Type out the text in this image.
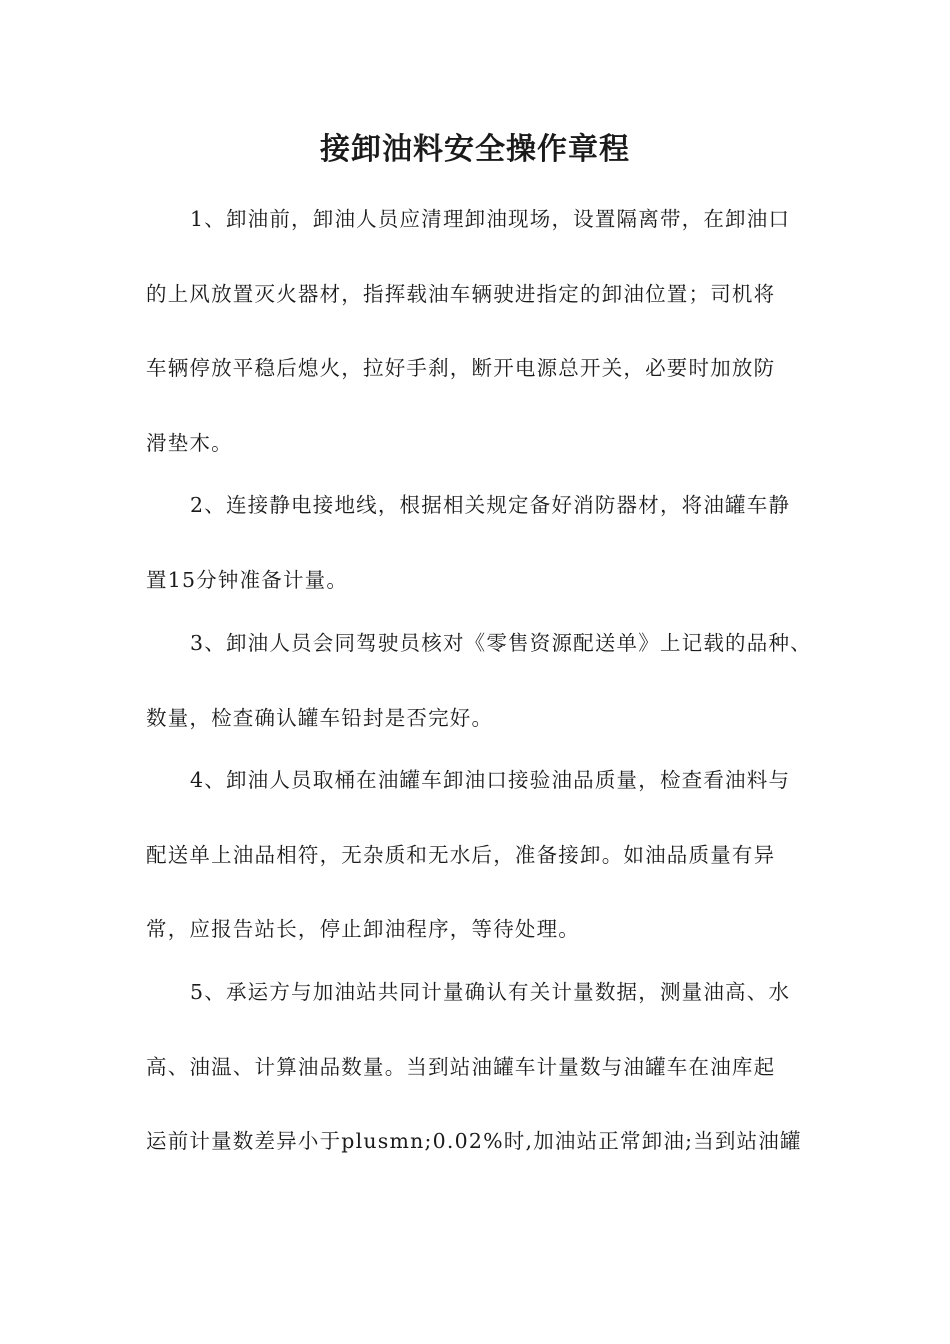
接卸油料安全操作章程
1、卸油前，卸油人员应清理卸油现场，设置隔离带，在卸油口
的上风放置灭火器材，指挥载油车辆驶进指定的卸油位置；司机将
车辆停放平稳后熄火，拉好手刹，断开电源总开关，必要时加放防
滑垫木。
2、连接静电接地线，根据相关规定备好消防器材，将油罐车静
置15分钟准备计量。
3、卸油人员会同驾驶员核对《零售资源配送单》上记载的品种、
数量，检查确认罐车铅封是否完好。
4、卸油人员取桶在油罐车卸油口接验油品质量，检查看油料与
配送单上油品相符，无杂质和无水后，准备接卸。如油品质量有异
常，应报告站长，停止卸油程序，等待处理。
5、承运方与加油站共同计量确认有关计量数据，测量油高、水
高、油温、计算油品数量。当到站油罐车计量数与油罐车在油库起
运前计量数差异小于plusmn;0.02%时,加油站正常卸油;当到站油罐
